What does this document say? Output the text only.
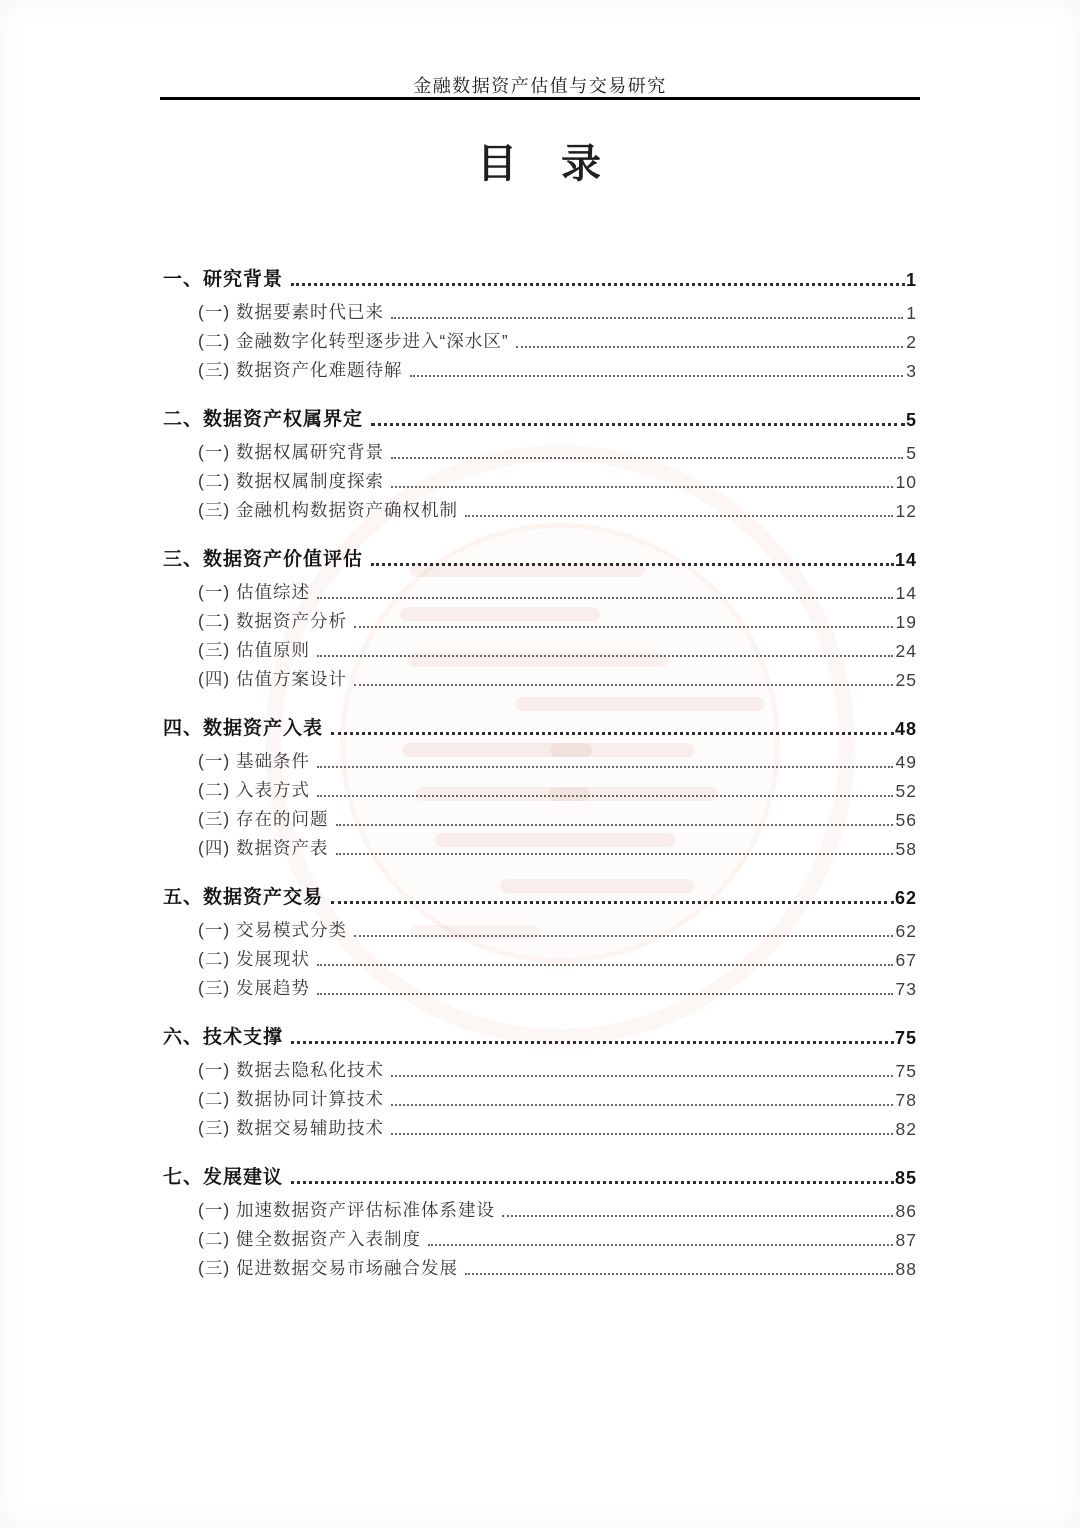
金融数据资产估值与交易研究
目　录
一、研究背景	1
(一) 数据要素时代已来	1
(二) 金融数字化转型逐步进入“深水区”	2
(三) 数据资产化难题待解	3
二、数据资产权属界定	5
(一) 数据权属研究背景	5
(二) 数据权属制度探索	10
(三) 金融机构数据资产确权机制	12
三、数据资产价值评估	14
(一) 估值综述	14
(二) 数据资产分析	19
(三) 估值原则	24
(四) 估值方案设计	25
四、数据资产入表	48
(一) 基础条件	49
(二) 入表方式	52
(三) 存在的问题	56
(四) 数据资产表	58
五、数据资产交易	62
(一) 交易模式分类	62
(二) 发展现状	67
(三) 发展趋势	73
六、技术支撑	75
(一) 数据去隐私化技术	75
(二) 数据协同计算技术	78
(三) 数据交易辅助技术	82
七、发展建议	85
(一) 加速数据资产评估标准体系建设	86
(二) 健全数据资产入表制度	87
(三) 促进数据交易市场融合发展	88
